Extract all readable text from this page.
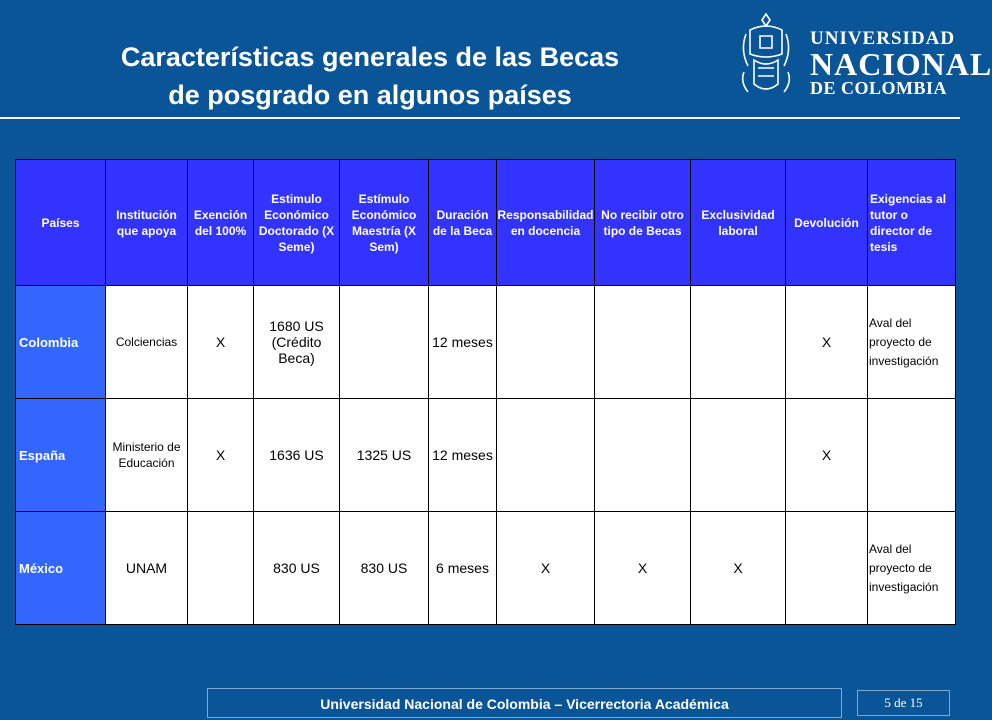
Características generales de las Becas
de posgrado en algunos países
UNIVERSIDAD
NACIONAL
DE COLOMBIA
Países	Institución que apoya	Exención del 100%	Estimulo Económico Doctorado (X Seme)	Estímulo Económico Maestría (X Sem)	Duración de la Beca	Responsabilidad en docencia	No recibir otro tipo de Becas	Exclusividad laboral	Devolución	Exigencias al tutor o director de tesis
Colombia	Colciencias	X	1680 US (Crédito Beca)		12 meses				X	Aval del proyecto de investigación
España	Ministerio de Educación	X	1636 US	1325 US	12 meses				X	
México	UNAM		830 US	830 US	6 meses	X	X	X		Aval del proyecto de investigación
Universidad Nacional de Colombia – Vicerrectoria Académica	5 de 15
